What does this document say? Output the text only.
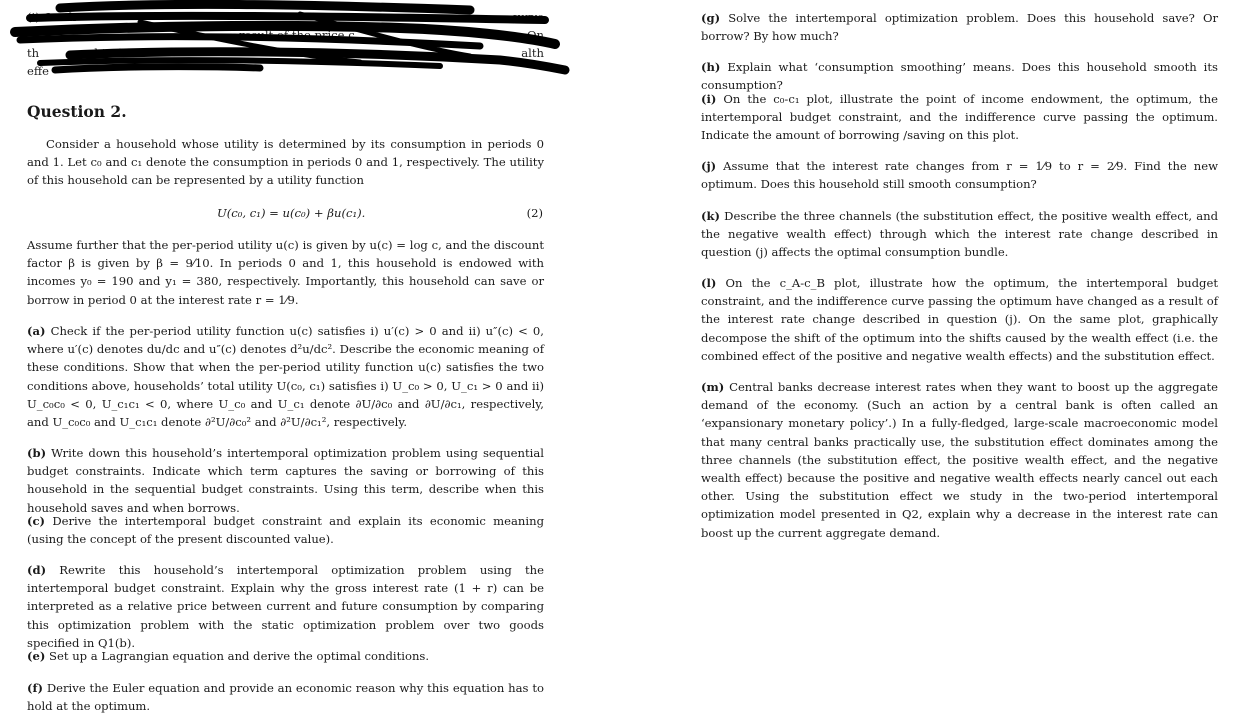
(i) On th	curve
result of the price c	On
th graphicall	alth
effe
Question 2.
Consider a household whose utility is determined by its consumption in periods 0 and 1. Let c₀ and c₁ denote the consumption in periods 0 and 1, respectively. The utility of this household can be represented by a utility function
U(c₀, c₁) = u(c₀) + βu(c₁).	(2)
Assume further that the per-period utility u(c) is given by u(c) = log c, and the discount factor β is given by β = 9⁄10. In periods 0 and 1, this household is endowed with incomes y₀ = 190 and y₁ = 380, respectively. Importantly, this household can save or borrow in period 0 at the interest rate r = 1⁄9.
(a) Check if the per-period utility function u(c) satisfies i) u′(c) > 0 and ii) u″(c) < 0, where u′(c) denotes du/dc and u″(c) denotes d²u/dc². Describe the economic meaning of these conditions. Show that when the per-period utility function u(c) satisfies the two conditions above, households’ total utility U(c₀, c₁) satisfies i) U_c₀ > 0, U_c₁ > 0 and ii) U_c₀c₀ < 0, U_c₁c₁ < 0, where U_c₀ and U_c₁ denote ∂U/∂c₀ and ∂U/∂c₁, respectively, and U_c₀c₀ and U_c₁c₁ denote ∂²U/∂c₀² and ∂²U/∂c₁², respectively.
(b) Write down this household’s intertemporal optimization problem using sequential budget constraints. Indicate which term captures the saving or borrowing of this household in the sequential budget constraints. Using this term, describe when this household saves and when borrows.
(c) Derive the intertemporal budget constraint and explain its economic meaning (using the concept of the present discounted value).
(d) Rewrite this household’s intertemporal optimization problem using the intertemporal budget constraint. Explain why the gross interest rate (1 + r) can be interpreted as a relative price between current and future consumption by comparing this optimization problem with the static optimization problem over two goods specified in Q1(b).
(e) Set up a Lagrangian equation and derive the optimal conditions.
(f) Derive the Euler equation and provide an economic reason why this equation has to hold at the optimum.
(g) Solve the intertemporal optimization problem. Does this household save? Or borrow? By how much?
(h) Explain what ‘consumption smoothing’ means. Does this household smooth its consumption?
(i) On the c₀-c₁ plot, illustrate the point of income endowment, the optimum, the intertemporal budget constraint, and the indifference curve passing the optimum. Indicate the amount of borrowing /saving on this plot.
(j) Assume that the interest rate changes from r = 1⁄9 to r = 2⁄9. Find the new optimum. Does this household still smooth consumption?
(k) Describe the three channels (the substitution effect, the positive wealth effect, and the negative wealth effect) through which the interest rate change described in question (j) affects the optimal consumption bundle.
(l) On the c_A-c_B plot, illustrate how the optimum, the intertemporal budget constraint, and the indifference curve passing the optimum have changed as a result of the interest rate change described in question (j). On the same plot, graphically decompose the shift of the optimum into the shifts caused by the wealth effect (i.e. the combined effect of the positive and negative wealth effects) and the substitution effect.
(m) Central banks decrease interest rates when they want to boost up the aggregate demand of the economy. (Such an action by a central bank is often called an ‘expansionary monetary policy’.) In a fully-fledged, large-scale macroeconomic model that many central banks practically use, the substitution effect dominates among the three channels (the substitution effect, the positive wealth effect, and the negative wealth effect) because the positive and negative wealth effects nearly cancel out each other. Using the substitution effect we study in the two-period intertemporal optimization model presented in Q2, explain why a decrease in the interest rate can boost up the current aggregate demand.
